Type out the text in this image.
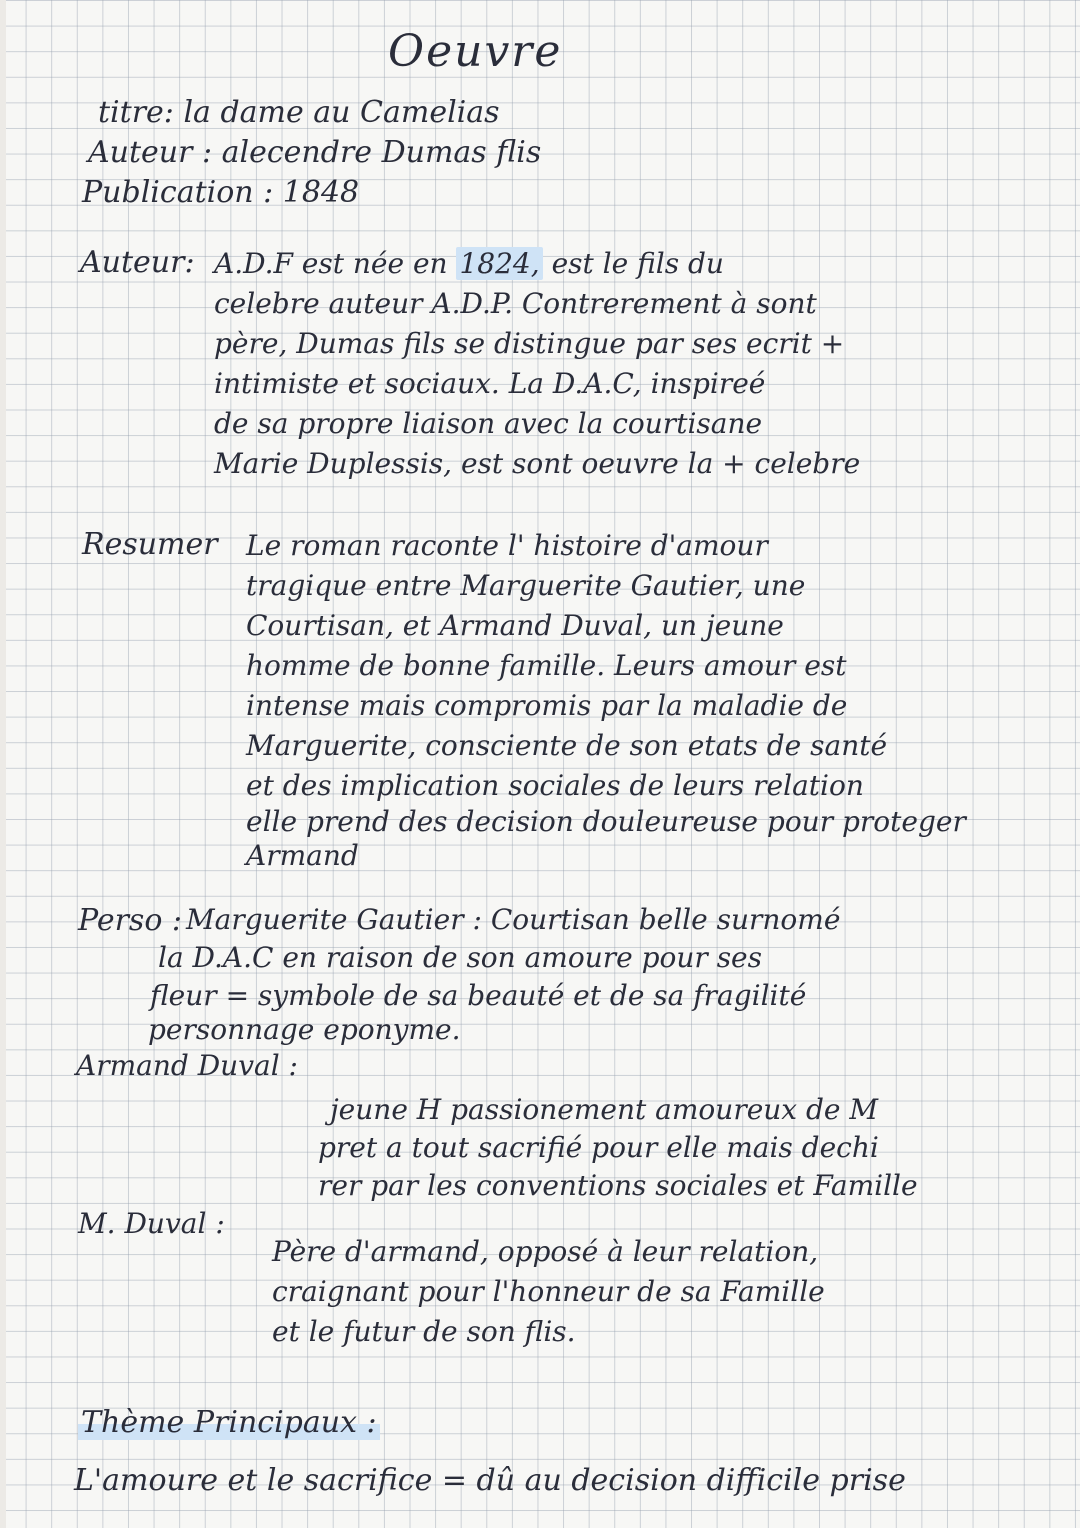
Oeuvre
titre: la dame au Camelias
Auteur : alecendre Dumas flis
Publication : 1848
Auteur: A.D.F est née en 1824, est le fils du
celebre auteur A.D.P. Contrerement à sont
père, Dumas fils se distingue par ses ecrit +
intimiste et sociaux. La D.A.C, inspireé
de sa propre liaison avec la courtisane
Marie Duplessis, est sont oeuvre la + celebre
Resumer Le roman raconte l' histoire d'amour
tragique entre Marguerite Gautier, une
Courtisan, et Armand Duval, un jeune
homme de bonne famille. Leurs amour est
intense mais compromis par la maladie de
Marguerite, consciente de son etats de santé
et des implication sociales de leurs relation
elle prend des decision douleureuse pour proteger
Armand
Perso : Marguerite Gautier : Courtisan belle surnomé
la D.A.C en raison de son amoure pour ses
fleur = symbole de sa beauté et de sa fragilité
personnage eponyme.
Armand Duval :
jeune H passionement amoureux de M
pret a tout sacrifié pour elle mais dechi
rer par les conventions sociales et Famille
M. Duval :
Père d'armand, opposé à leur relation,
craignant pour l'honneur de sa Famille
et le futur de son flis.
Thème Principaux :
L'amoure et le sacrifice = dû au decision difficile prise
